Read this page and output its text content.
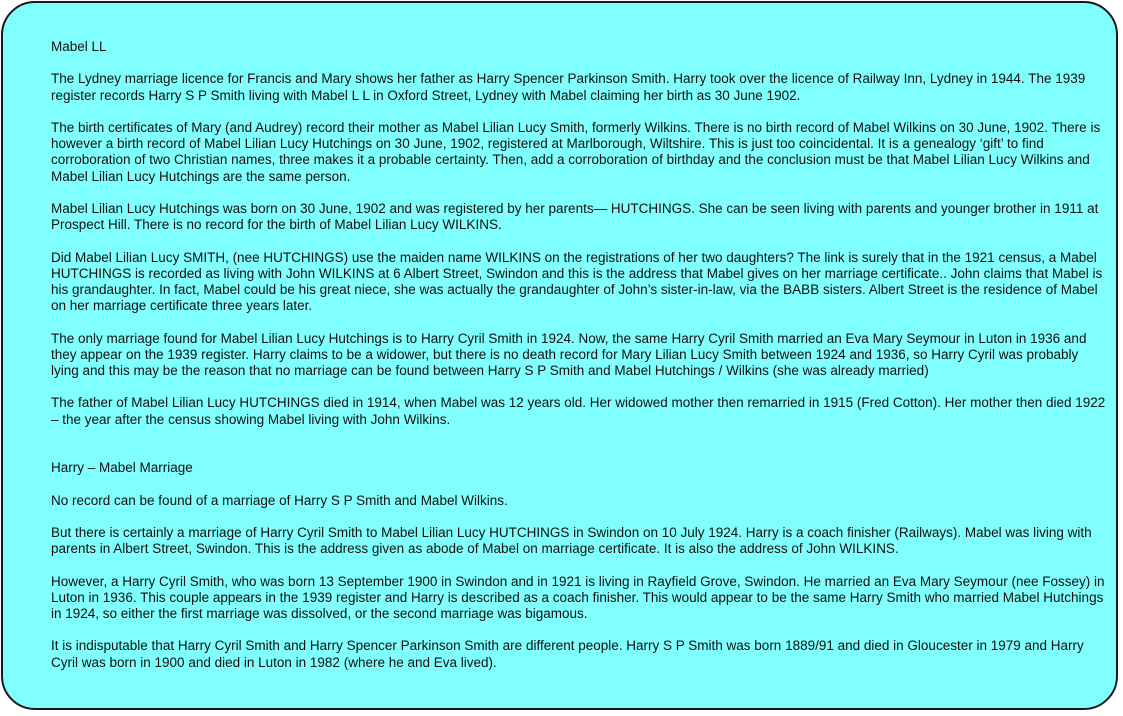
Mabel LL

The Lydney marriage licence for Francis and Mary shows her father as Harry Spencer Parkinson Smith. Harry took over the licence of Railway Inn, Lydney in 1944. The 1939 register records Harry S P Smith living with Mabel L L in Oxford Street, Lydney with Mabel claiming her birth as 30 June 1902.

The birth certificates of Mary (and Audrey) record their mother as Mabel Lilian Lucy Smith, formerly Wilkins. There is no birth record of Mabel Wilkins on 30 June, 1902. There is however a birth record of Mabel Lilian Lucy Hutchings on 30 June, 1902, registered at Marlborough, Wiltshire. This is just too coincidental. It is a genealogy ‘gift’ to find corroboration of two Christian names, three makes it a probable certainty. Then, add a corroboration of birthday and the conclusion must be that Mabel Lilian Lucy Wilkins and Mabel Lilian Lucy Hutchings are the same person.

Mabel Lilian Lucy Hutchings was born on 30 June, 1902 and was registered by her parents— HUTCHINGS. She can be seen living with parents and younger brother in 1911 at Prospect Hill. There is no record for the birth of Mabel Lilian Lucy WILKINS.

Did Mabel Lilian Lucy SMITH, (nee HUTCHINGS) use the maiden name WILKINS on the registrations of her two daughters? The link is surely that in the 1921 census, a Mabel HUTCHINGS is recorded as living with John WILKINS at 6 Albert Street, Swindon and this is the address that Mabel gives on her marriage certificate.. John claims that Mabel is his grandaughter. In fact, Mabel could be his great niece, she was actually the grandaughter of John’s sister-in-law, via the BABB sisters. Albert Street is the residence of Mabel on her marriage certificate three years later.

The only marriage found for Mabel Lilian Lucy Hutchings is to Harry Cyril Smith in 1924. Now, the same Harry Cyril Smith married an Eva Mary Seymour in Luton in 1936 and they appear on the 1939 register. Harry claims to be a widower, but there is no death record for Mary Lilian Lucy Smith between 1924 and 1936, so Harry Cyril was probably lying and this may be the reason that no marriage can be found between Harry S P Smith and Mabel Hutchings / Wilkins (she was already married)

The father of Mabel Lilian Lucy HUTCHINGS died in 1914, when Mabel was 12 years old. Her widowed mother then remarried in 1915 (Fred Cotton). Her mother then died 1922 – the year after the census showing Mabel living with John Wilkins.

Harry – Mabel Marriage

No record can be found of a marriage of Harry S P Smith and Mabel Wilkins.

But there is certainly a marriage of Harry Cyril Smith to Mabel Lilian Lucy HUTCHINGS in Swindon on 10 July 1924. Harry is a coach finisher (Railways). Mabel was living with parents in Albert Street, Swindon. This is the address given as abode of Mabel on marriage certificate. It is also the address of John WILKINS.

However, a Harry Cyril Smith, who was born 13 September 1900 in Swindon and in 1921 is living in Rayfield Grove, Swindon. He married an Eva Mary Seymour (nee Fossey) in Luton in 1936. This couple appears in the 1939 register and Harry is described as a coach finisher. This would appear to be the same Harry Smith who married Mabel Hutchings in 1924, so either the first marriage was dissolved, or the second marriage was bigamous.

It is indisputable that Harry Cyril Smith and Harry Spencer Parkinson Smith are different people. Harry S P Smith was born 1889/91 and died in Gloucester in 1979 and Harry Cyril was born in 1900 and died in Luton in 1982 (where he and Eva lived).
